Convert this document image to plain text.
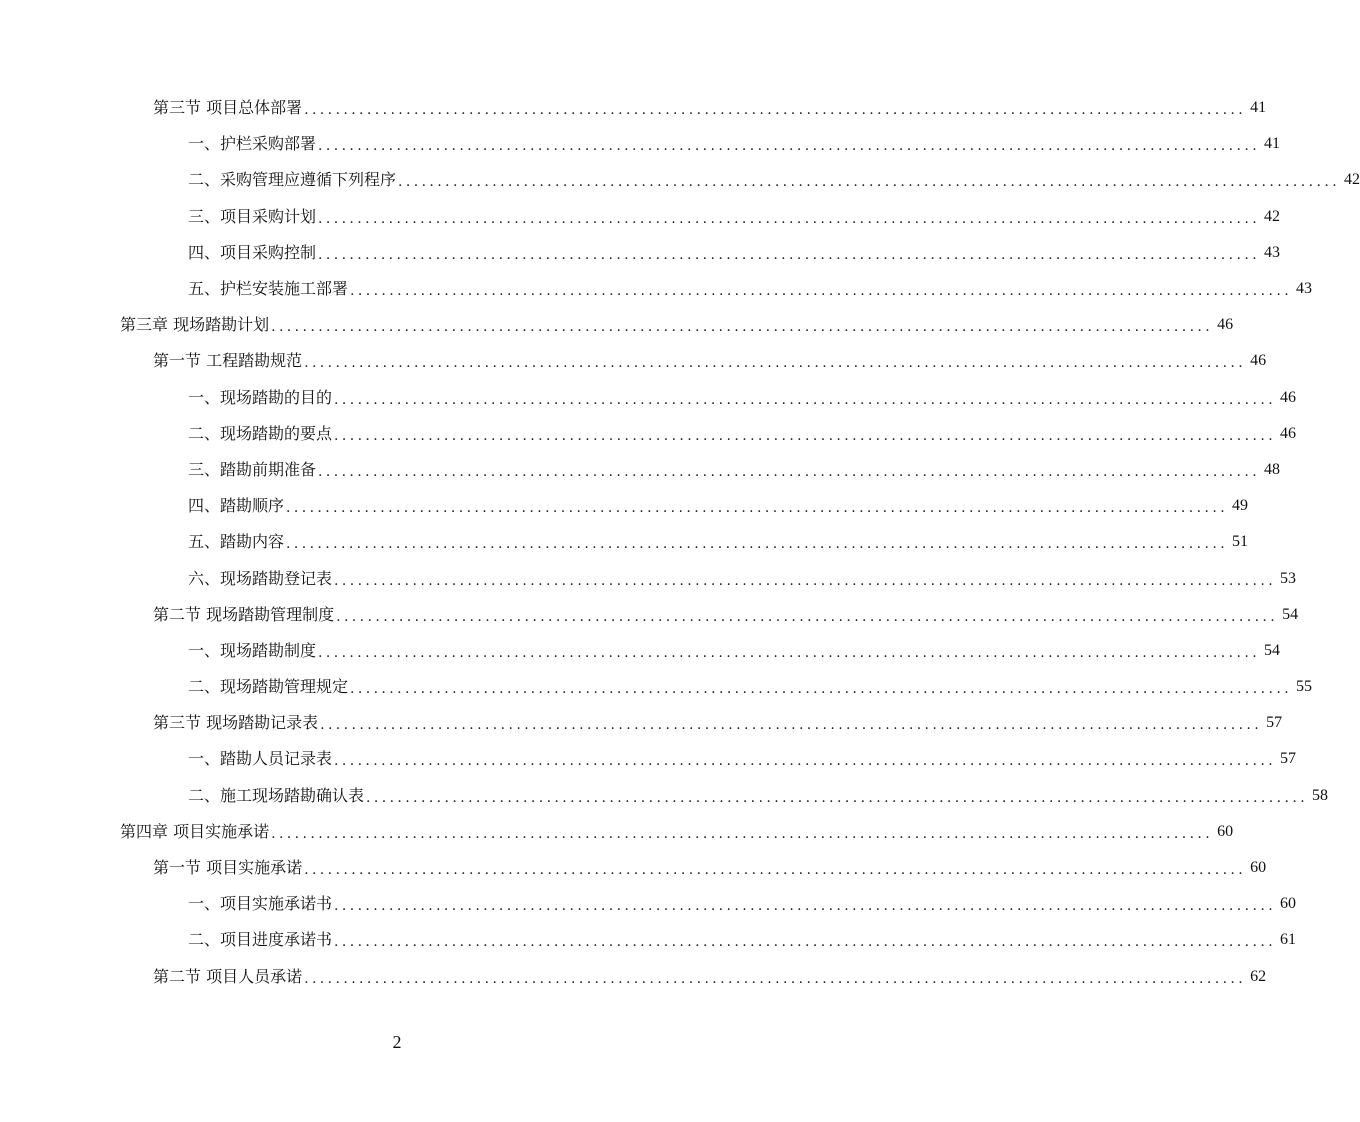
第三节 项目总体部署 ........................................................................................................................ 41
一、护栏采购部署 ........................................................................................................................ 41
二、采购管理应遵循下列程序 ........................................................................................................................ 42
三、项目采购计划 ........................................................................................................................ 42
四、项目采购控制 ........................................................................................................................ 43
五、护栏安装施工部署 ........................................................................................................................ 43
第三章 现场踏勘计划 ........................................................................................................................ 46
第一节 工程踏勘规范 ........................................................................................................................ 46
一、现场踏勘的目的 ........................................................................................................................ 46
二、现场踏勘的要点 ........................................................................................................................ 46
三、踏勘前期准备 ........................................................................................................................ 48
四、踏勘顺序 ........................................................................................................................ 49
五、踏勘内容 ........................................................................................................................ 51
六、现场踏勘登记表 ........................................................................................................................ 53
第二节 现场踏勘管理制度 ........................................................................................................................ 54
一、现场踏勘制度 ........................................................................................................................ 54
二、现场踏勘管理规定 ........................................................................................................................ 55
第三节 现场踏勘记录表 ........................................................................................................................ 57
一、踏勘人员记录表 ........................................................................................................................ 57
二、施工现场踏勘确认表 ........................................................................................................................ 58
第四章 项目实施承诺 ........................................................................................................................ 60
第一节 项目实施承诺 ........................................................................................................................ 60
一、项目实施承诺书 ........................................................................................................................ 60
二、项目进度承诺书 ........................................................................................................................ 61
第二节 项目人员承诺 ........................................................................................................................ 62
2
